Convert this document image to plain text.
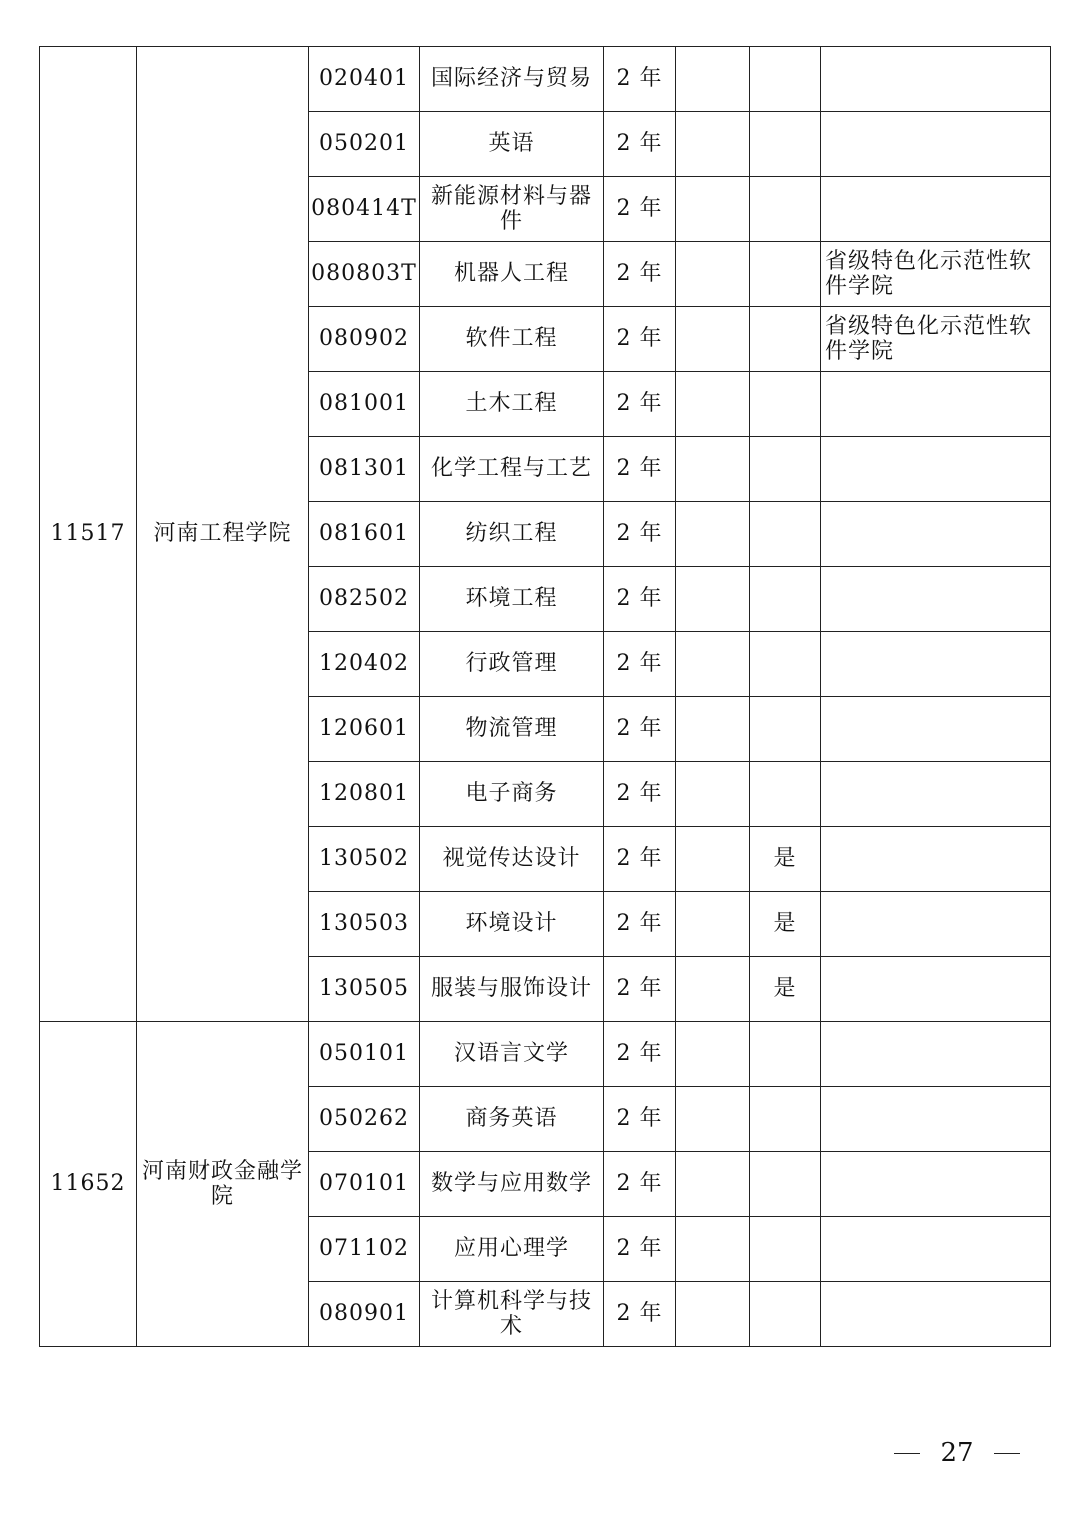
11517	河南工程学院	020401	国际经济与贸易	2 年			
		050201	英语	2 年			
		080414T	新能源材料与器件	2 年			
		080803T	机器人工程	2 年			省级特色化示范性软件学院
		080902	软件工程	2 年			省级特色化示范性软件学院
		081001	土木工程	2 年			
		081301	化学工程与工艺	2 年			
		081601	纺织工程	2 年			
		082502	环境工程	2 年			
		120402	行政管理	2 年			
		120601	物流管理	2 年			
		120801	电子商务	2 年			
		130502	视觉传达设计	2 年		是	
		130503	环境设计	2 年		是	
		130505	服装与服饰设计	2 年		是	
11652	河南财政金融学院	050101	汉语言文学	2 年			
		050262	商务英语	2 年			
		070101	数学与应用数学	2 年			
		071102	应用心理学	2 年			
		080901	计算机科学与技术	2 年			
27
